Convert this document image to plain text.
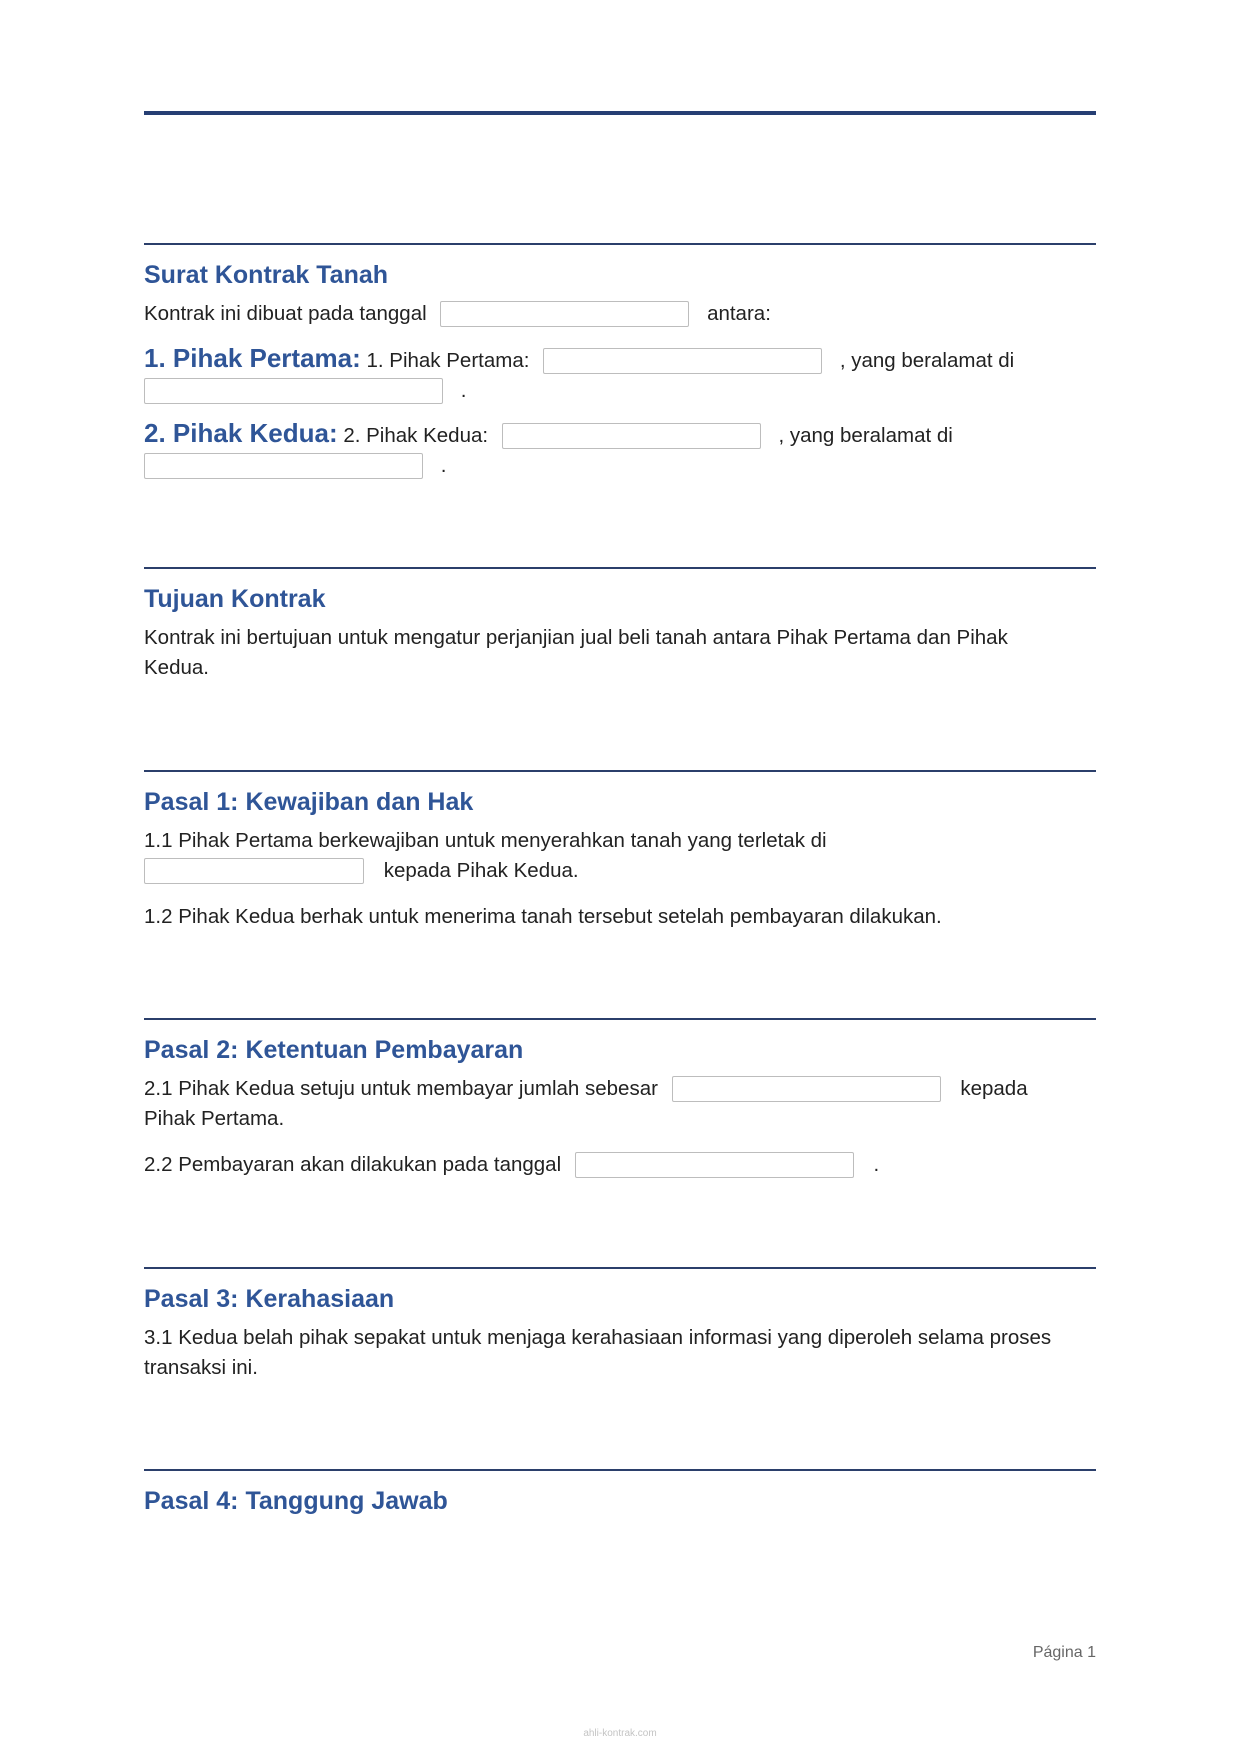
Surat Kontrak Tanah
Kontrak ini dibuat pada tanggal	antara:
1. Pihak Pertama: 1. Pihak Pertama:	, yang beralamat di
.
2. Pihak Kedua: 2. Pihak Kedua:	, yang beralamat di
.
Tujuan Kontrak
Kontrak ini bertujuan untuk mengatur perjanjian jual beli tanah antara Pihak Pertama dan Pihak Kedua.
Pasal 1: Kewajiban dan Hak
1.1 Pihak Pertama berkewajiban untuk menyerahkan tanah yang terletak di
kepada Pihak Kedua.
1.2 Pihak Kedua berhak untuk menerima tanah tersebut setelah pembayaran dilakukan.
Pasal 2: Ketentuan Pembayaran
2.1 Pihak Kedua setuju untuk membayar jumlah sebesar	kepada
Pihak Pertama.
2.2 Pembayaran akan dilakukan pada tanggal	.
Pasal 3: Kerahasiaan
3.1 Kedua belah pihak sepakat untuk menjaga kerahasiaan informasi yang diperoleh selama proses transaksi ini.
Pasal 4: Tanggung Jawab
Página 1
ahli-kontrak.com
